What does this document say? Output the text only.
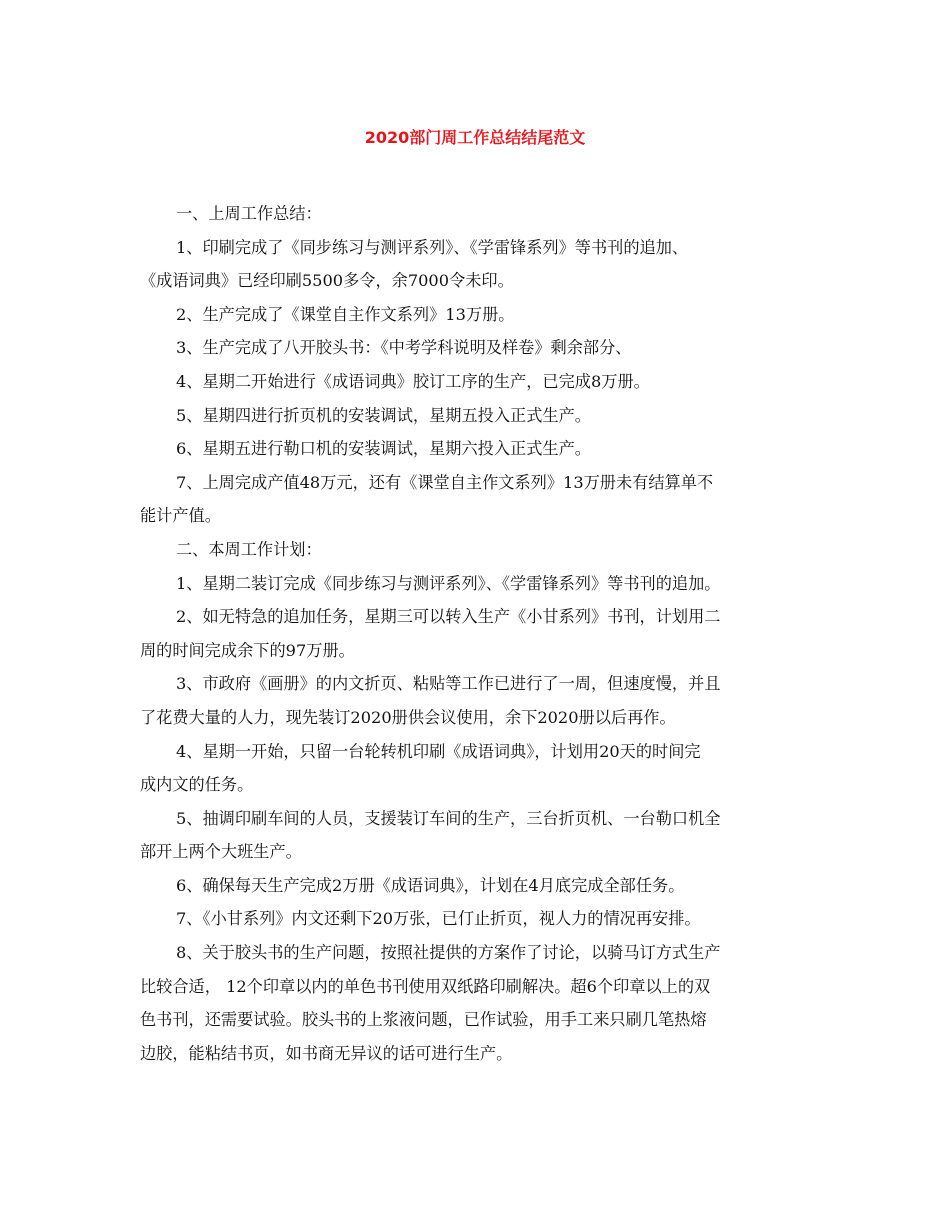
2020部门周工作总结结尾范文

一、上周工作总结：

1、印刷完成了《同步练习与测评系列》、《学雷锋系列》等书刊的追加、

《成语词典》已经印刷5500多令，余7000令未印。

2、生产完成了《课堂自主作文系列》13万册。

3、生产完成了八开胶头书：《中考学科说明及样卷》剩余部分、

4、星期二开始进行《成语词典》胶订工序的生产，已完成8万册。

5、星期四进行折页机的安装调试，星期五投入正式生产。

6、星期五进行勒口机的安装调试，星期六投入正式生产。

7、上周完成产值48万元，还有《课堂自主作文系列》13万册未有结算单不

能计产值。

二、本周工作计划：

1、星期二装订完成《同步练习与测评系列》、《学雷锋系列》等书刊的追加。

2、如无特急的追加任务，星期三可以转入生产《小甘系列》书刊，计划用二

周的时间完成余下的97万册。

3、市政府《画册》的内文折页、粘贴等工作已进行了一周，但速度慢，并且

了花费大量的人力，现先装订2020册供会议使用，余下2020册以后再作。

4、星期一开始，只留一台轮转机印刷《成语词典》，计划用20天的时间完

成内文的任务。

5、抽调印刷车间的人员，支援装订车间的生产，三台折页机、一台勒口机全

部开上两个大班生产。

6、确保每天生产完成2万册《成语词典》，计划在4月底完成全部任务。

7、《小甘系列》内文还剩下20万张，已仃止折页，视人力的情况再安排。

8、关于胶头书的生产问题，按照社提供的方案作了讨论，以骑马订方式生产

比较合适， 12个印章以内的单色书刊使用双纸路印刷解决。超6个印章以上的双

色书刊，还需要试验。胶头书的上浆液问题，已作试验，用手工来只刷几笔热熔

边胶，能粘结书页，如书商无异议的话可进行生产。
